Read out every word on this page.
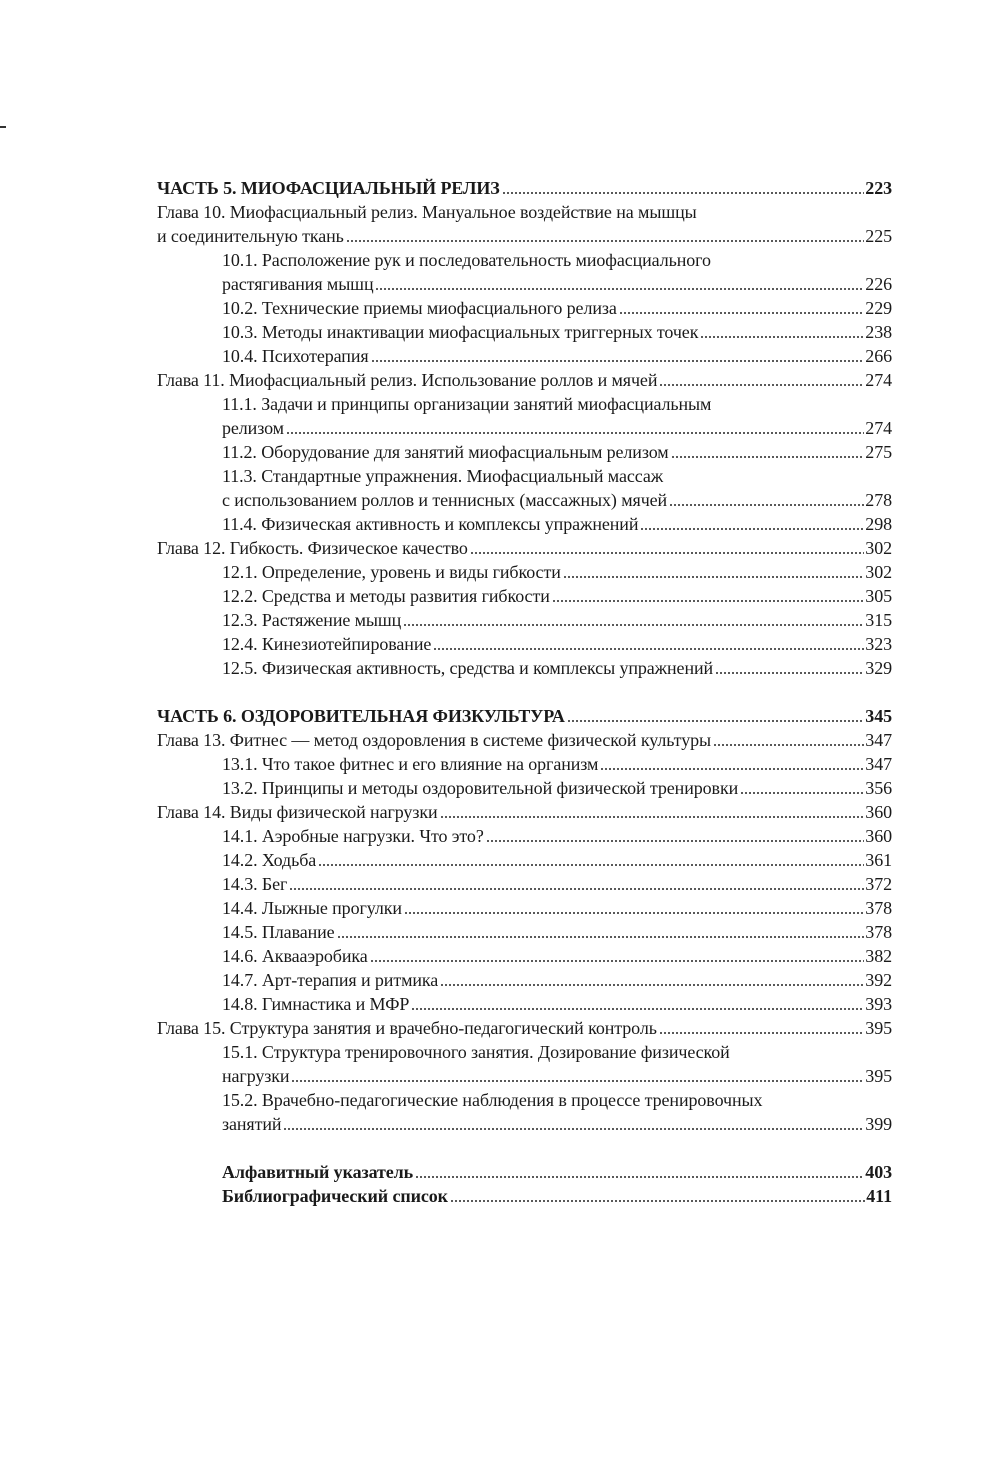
ЧАСТЬ 5. МИОФАСЦИАЛЬНЫЙ РЕЛИЗ	223
Глава 10. Миофасциальный релиз. Мануальное воздействие на мышцы
и соединительную ткань	225
10.1. Расположение рук и последовательность миофасциального
растягивания мышц	226
10.2. Технические приемы миофасциального релиза	229
10.3. Методы инактивации миофасциальных триггерных точек	238
10.4. Психотерапия	266
Глава 11. Миофасциальный релиз. Использование роллов и мячей	274
11.1. Задачи и принципы организации занятий миофасциальным
релизом	274
11.2. Оборудование для занятий миофасциальным релизом	275
11.3. Стандартные упражнения. Миофасциальный массаж
с использованием роллов и теннисных (массажных) мячей	278
11.4. Физическая активность и комплексы упражнений	298
Глава 12. Гибкость. Физическое качество	302
12.1. Определение, уровень и виды гибкости	302
12.2. Средства и методы развития гибкости	305
12.3. Растяжение мышц	315
12.4. Кинезиотейпирование	323
12.5. Физическая активность, средства и комплексы упражнений	329
ЧАСТЬ 6. ОЗДОРОВИТЕЛЬНАЯ ФИЗКУЛЬТУРА	345
Глава 13. Фитнес — метод оздоровления в системе физической культуры	347
13.1. Что такое фитнес и его влияние на организм	347
13.2. Принципы и методы оздоровительной физической тренировки	356
Глава 14. Виды физической нагрузки	360
14.1. Аэробные нагрузки. Что это?	360
14.2. Ходьба	361
14.3. Бег	372
14.4. Лыжные прогулки	378
14.5. Плавание	378
14.6. Аквааэробика	382
14.7. Арт-терапия и ритмика	392
14.8. Гимнастика и МФР	393
Глава 15. Структура занятия и врачебно-педагогический контроль	395
15.1. Структура тренировочного занятия. Дозирование физической
нагрузки	395
15.2. Врачебно-педагогические наблюдения в процессе тренировочных
занятий	399
Алфавитный указатель	403
Библиографический список	411
